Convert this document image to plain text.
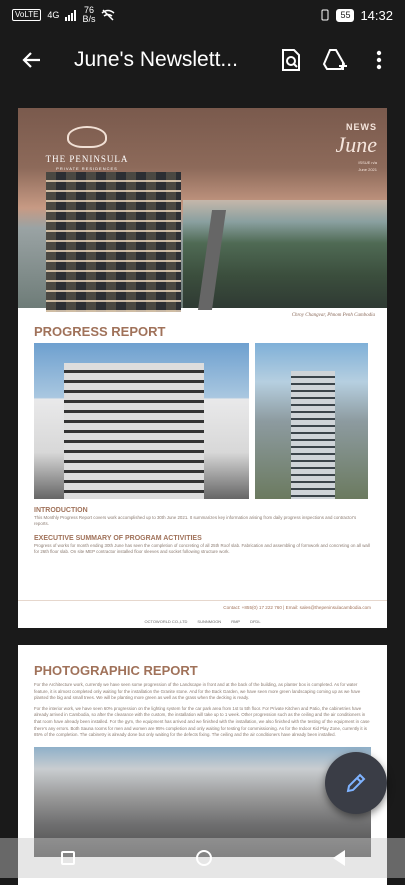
VoLTE	4G	76
B/s	55 14:32
June's Newslett...
THE PENINSULA
PRIVATE RESIDENCES
NEWS
June
ISSUE n/a
June 2021
Chroy Changvar, Phnom Penh Cambodia
PROGRESS REPORT
INTRODUCTION
This Monthly Progress Report covers work accomplished up to 30th June 2021. It summarizes key information arising from daily progress inspections and contractor's reports.
EXECUTIVE SUMMARY OF PROGRAM ACTIVITIES
Progress of works for month ending 30th June has seen the completion of concreting of all 25th Roof slab. Fabrication and assembling of formwork and concreting on all wall for 26th floor slab. On site MEP contractor installed floor sleeves and socket following structure work.
Contact: +855(0) 17 222 760 | Email: sales@thepeninsulacambodia.com
OCTOWORLD CO.,LTD	SUNNMOON	RMP	DFDL
PHOTOGRAPHIC REPORT
For the Architecture work, currently we have seen some progression of the Landscape in front and at the back of the building, as planter box is completed. As for water feature, it is almost completed only waiting for the installation the Granite stone. And for the Back Garden, we have seen more green landscaping coming up as we have planted the big and small trees. We will be planting more green as well as the grass when the decking is ready.
For the interior work, we have seen 60% progression on the lighting system for the car park area from 1st to 5th floor. For Private Kitchen and Patio, the cabinetries have already arrived in Cambodia, so after the clearance with the custom, the installation will take up to 1 week. Other progression such as the ceiling and the air conditioners in that room have already been installed. For the gym, the equipment has arrived and we finished with the installation, we also finished with the testing of the equipment in case there's any errors. Both Sauna rooms for men and women are 95% completion and only waiting for testing for commissioning. As for the Indoor Kid Play Zone, currently it is 85% of the completion. The cabinetry is already done but only waiting for the defects fixing. The ceiling and the air conditioners have already been installed.
